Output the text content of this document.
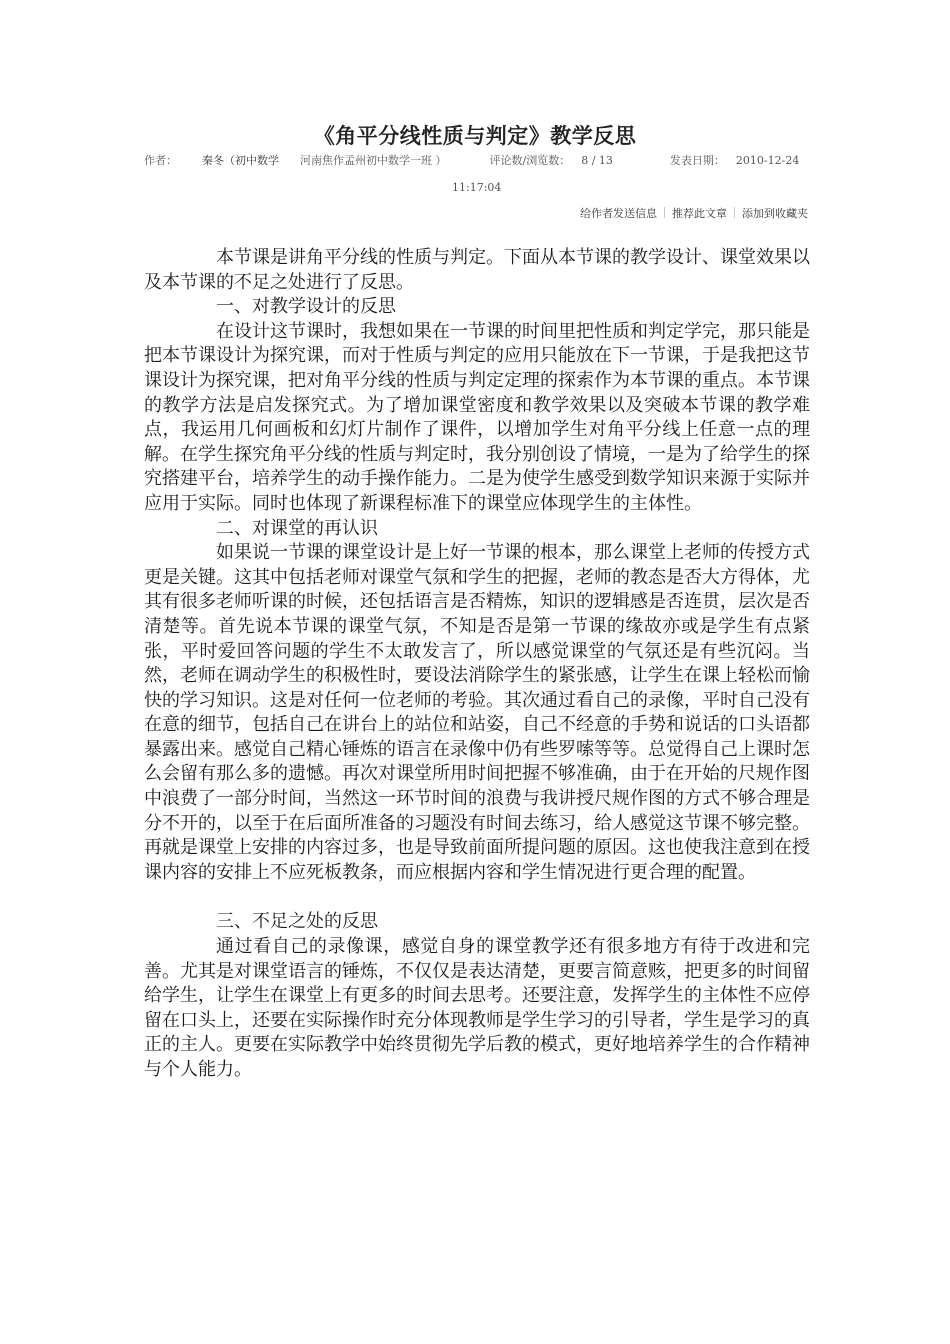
《角平分线性质与判定》教学反思
作者： 秦冬（初中数学 河南焦作孟州初中数学一班 ）	评论数/浏览数： 8 / 13	发表日期： 2010-12-24
11:17:04
给作者发送信息 推荐此文章 添加到收藏夹

本节课是讲角平分线的性质与判定。下面从本节课的教学设计、课堂效果以及本节课的不足之处进行了反思。

一、对教学设计的反思

在设计这节课时，我想如果在一节课的时间里把性质和判定学完，那只能是把本节课设计为探究课，而对于性质与判定的应用只能放在下一节课，于是我把这节课设计为探究课，把对角平分线的性质与判定定理的探索作为本节课的重点。本节课的教学方法是启发探究式。为了增加课堂密度和教学效果以及突破本节课的教学难点，我运用几何画板和幻灯片制作了课件，以增加学生对角平分线上任意一点的理解。在学生探究角平分线的性质与判定时，我分别创设了情境，一是为了给学生的探究搭建平台，培养学生的动手操作能力。二是为使学生感受到数学知识来源于实际并应用于实际。同时也体现了新课程标准下的课堂应体现学生的主体性。

二、对课堂的再认识

如果说一节课的课堂设计是上好一节课的根本，那么课堂上老师的传授方式更是关键。这其中包括老师对课堂气氛和学生的把握，老师的教态是否大方得体，尤其有很多老师听课的时候，还包括语言是否精炼，知识的逻辑感是否连贯，层次是否清楚等。首先说本节课的课堂气氛，不知是否是第一节课的缘故亦或是学生有点紧张，平时爱回答问题的学生不太敢发言了，所以感觉课堂的气氛还是有些沉闷。当然，老师在调动学生的积极性时，要设法消除学生的紧张感，让学生在课上轻松而愉快的学习知识。这是对任何一位老师的考验。其次通过看自己的录像，平时自己没有在意的细节，包括自己在讲台上的站位和站姿，自己不经意的手势和说话的口头语都暴露出来。感觉自己精心锤炼的语言在录像中仍有些罗嗦等等。总觉得自己上课时怎么会留有那么多的遗憾。再次对课堂所用时间把握不够准确，由于在开始的尺规作图中浪费了一部分时间，当然这一环节时间的浪费与我讲授尺规作图的方式不够合理是分不开的，以至于在后面所准备的习题没有时间去练习，给人感觉这节课不够完整。再就是课堂上安排的内容过多，也是导致前面所提问题的原因。这也使我注意到在授课内容的安排上不应死板教条，而应根据内容和学生情况进行更合理的配置。

三、不足之处的反思

通过看自己的录像课，感觉自身的课堂教学还有很多地方有待于改进和完善。尤其是对课堂语言的锤炼，不仅仅是表达清楚，更要言简意赅，把更多的时间留给学生，让学生在课堂上有更多的时间去思考。还要注意，发挥学生的主体性不应停留在口头上，还要在实际操作时充分体现教师是学生学习的引导者，学生是学习的真正的主人。更要在实际教学中始终贯彻先学后教的模式，更好地培养学生的合作精神与个人能力。
